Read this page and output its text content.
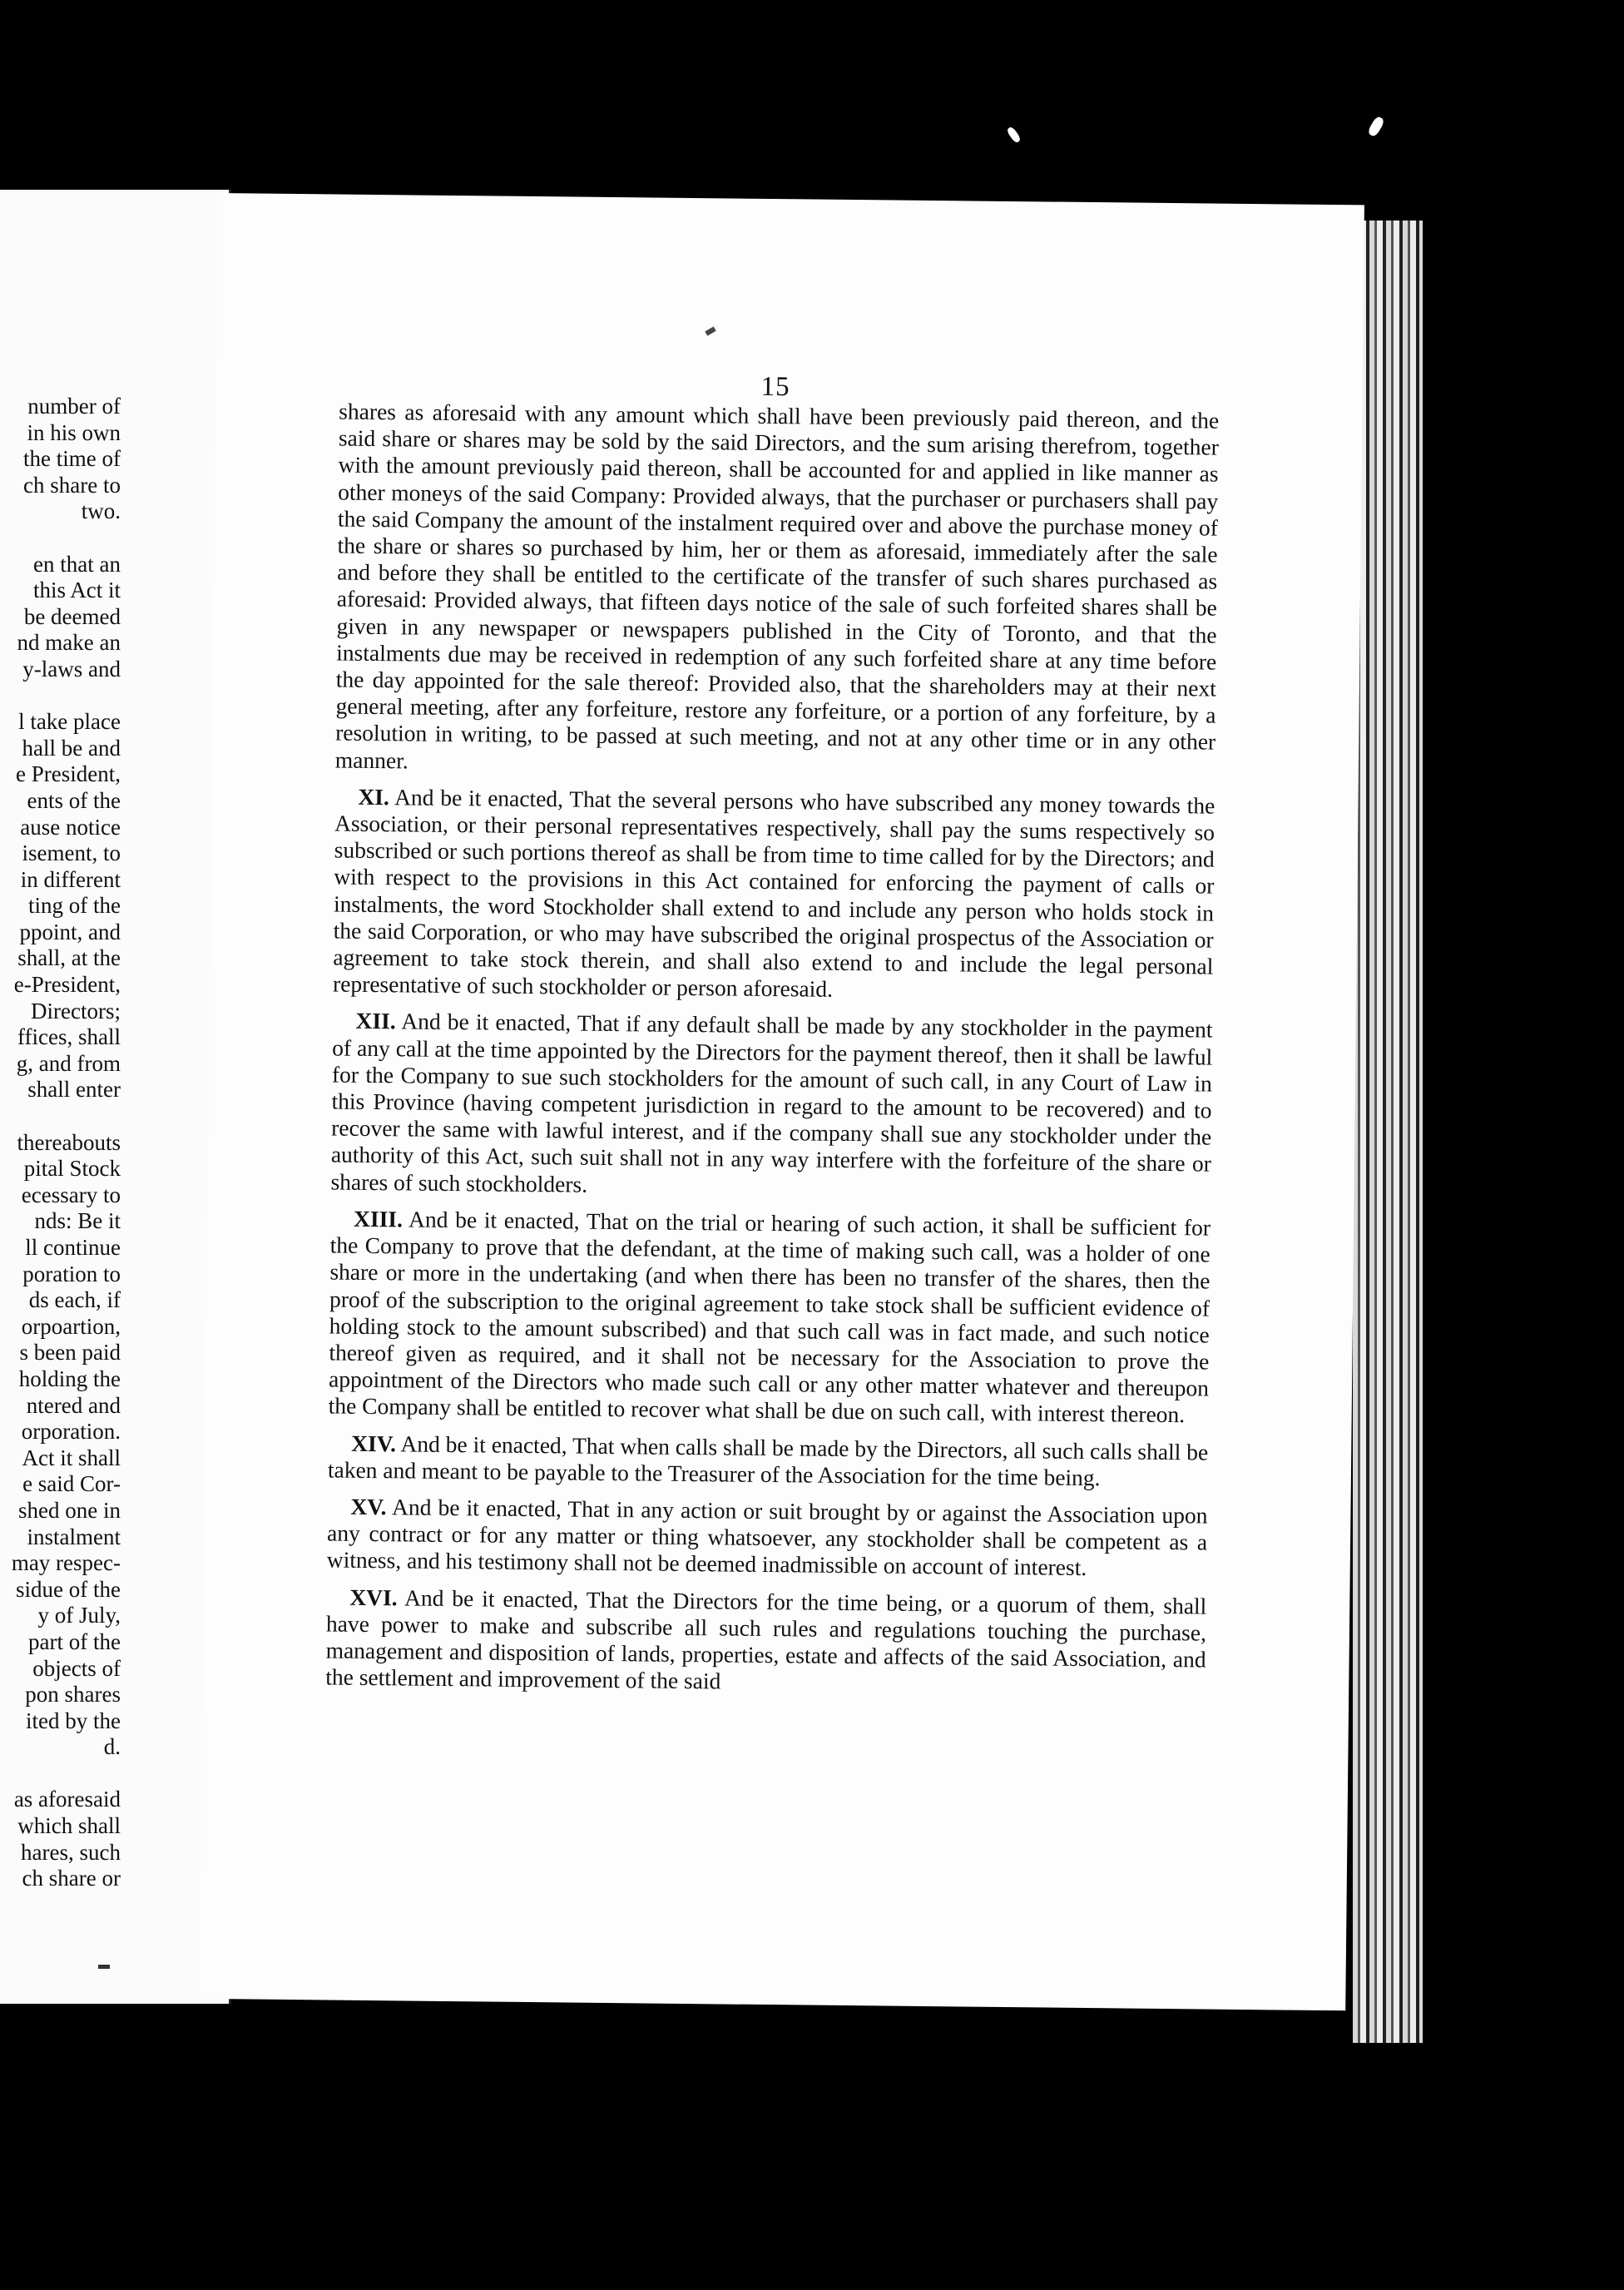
number of
in his own
the time of
ch share to
two.
en that an
this Act it
be deemed
nd make an
y-laws and
l take place
hall be and
e President,
ents of the
ause notice
isement, to
in different
ting of the
ppoint, and
shall, at the
e-President,
Directors;
ffices, shall
g, and from
shall enter
thereabouts
pital Stock
ecessary to
nds: Be it
ll continue
poration to
ds each, if
orpoartion,
s been paid
holding the
ntered and
orporation.
Act it shall
e said Cor-
shed one in
instalment
may respec-
sidue of the
y of July,
part of the
objects of
pon shares
ited by the
d.
as aforesaid
which shall
hares, such
ch share or
15

shares as aforesaid with any amount which shall have been previously paid thereon, and the said share or shares may be sold by the said Directors, and the sum arising therefrom, together with the amount previously paid thereon, shall be accounted for and applied in like manner as other moneys of the said Company: Provided always, that the purchaser or purchasers shall pay the said Company the amount of the instalment required over and above the purchase money of the share or shares so purchased by him, her or them as aforesaid, immediately after the sale and before they shall be entitled to the certificate of the transfer of such shares purchased as aforesaid: Provided always, that fifteen days notice of the sale of such forfeited shares shall be given in any newspaper or newspapers published in the City of Toronto, and that the instalments due may be received in redemption of any such forfeited share at any time before the day appointed for the sale thereof: Provided also, that the shareholders may at their next general meeting, after any forfeiture, restore any forfeiture, or a portion of any forfeiture, by a resolution in writing, to be passed at such meeting, and not at any other time or in any other manner.

XI. And be it enacted, That the several persons who have subscribed any money towards the Association, or their personal representatives respectively, shall pay the sums respectively so subscribed or such portions thereof as shall be from time to time called for by the Directors; and with respect to the provisions in this Act contained for enforcing the payment of calls or instalments, the word Stockholder shall extend to and include any person who holds stock in the said Corporation, or who may have subscribed the original prospectus of the Association or agreement to take stock therein, and shall also extend to and include the legal personal representative of such stockholder or person aforesaid.

XII. And be it enacted, That if any default shall be made by any stockholder in the payment of any call at the time appointed by the Directors for the payment thereof, then it shall be lawful for the Company to sue such stockholders for the amount of such call, in any Court of Law in this Province (having competent jurisdiction in regard to the amount to be recovered) and to recover the same with lawful interest, and if the company shall sue any stockholder under the authority of this Act, such suit shall not in any way interfere with the forfeiture of the share or shares of such stockholders.

XIII. And be it enacted, That on the trial or hearing of such action, it shall be sufficient for the Company to prove that the defendant, at the time of making such call, was a holder of one share or more in the undertaking (and when there has been no transfer of the shares, then the proof of the subscription to the original agreement to take stock shall be sufficient evidence of holding stock to the amount subscribed) and that such call was in fact made, and such notice thereof given as required, and it shall not be necessary for the Association to prove the appointment of the Directors who made such call or any other matter whatever and thereupon the Company shall be entitled to recover what shall be due on such call, with interest thereon.

XIV. And be it enacted, That when calls shall be made by the Directors, all such calls shall be taken and meant to be payable to the Treasurer of the Association for the time being.

XV. And be it enacted, That in any action or suit brought by or against the Association upon any contract or for any matter or thing whatsoever, any stockholder shall be competent as a witness, and his testimony shall not be deemed inadmissible on account of interest.

XVI. And be it enacted, That the Directors for the time being, or a quorum of them, shall have power to make and subscribe all such rules and regulations touching the purchase, management and disposition of lands, properties, estate and affects of the said Association, and the settlement and improvement of the said
